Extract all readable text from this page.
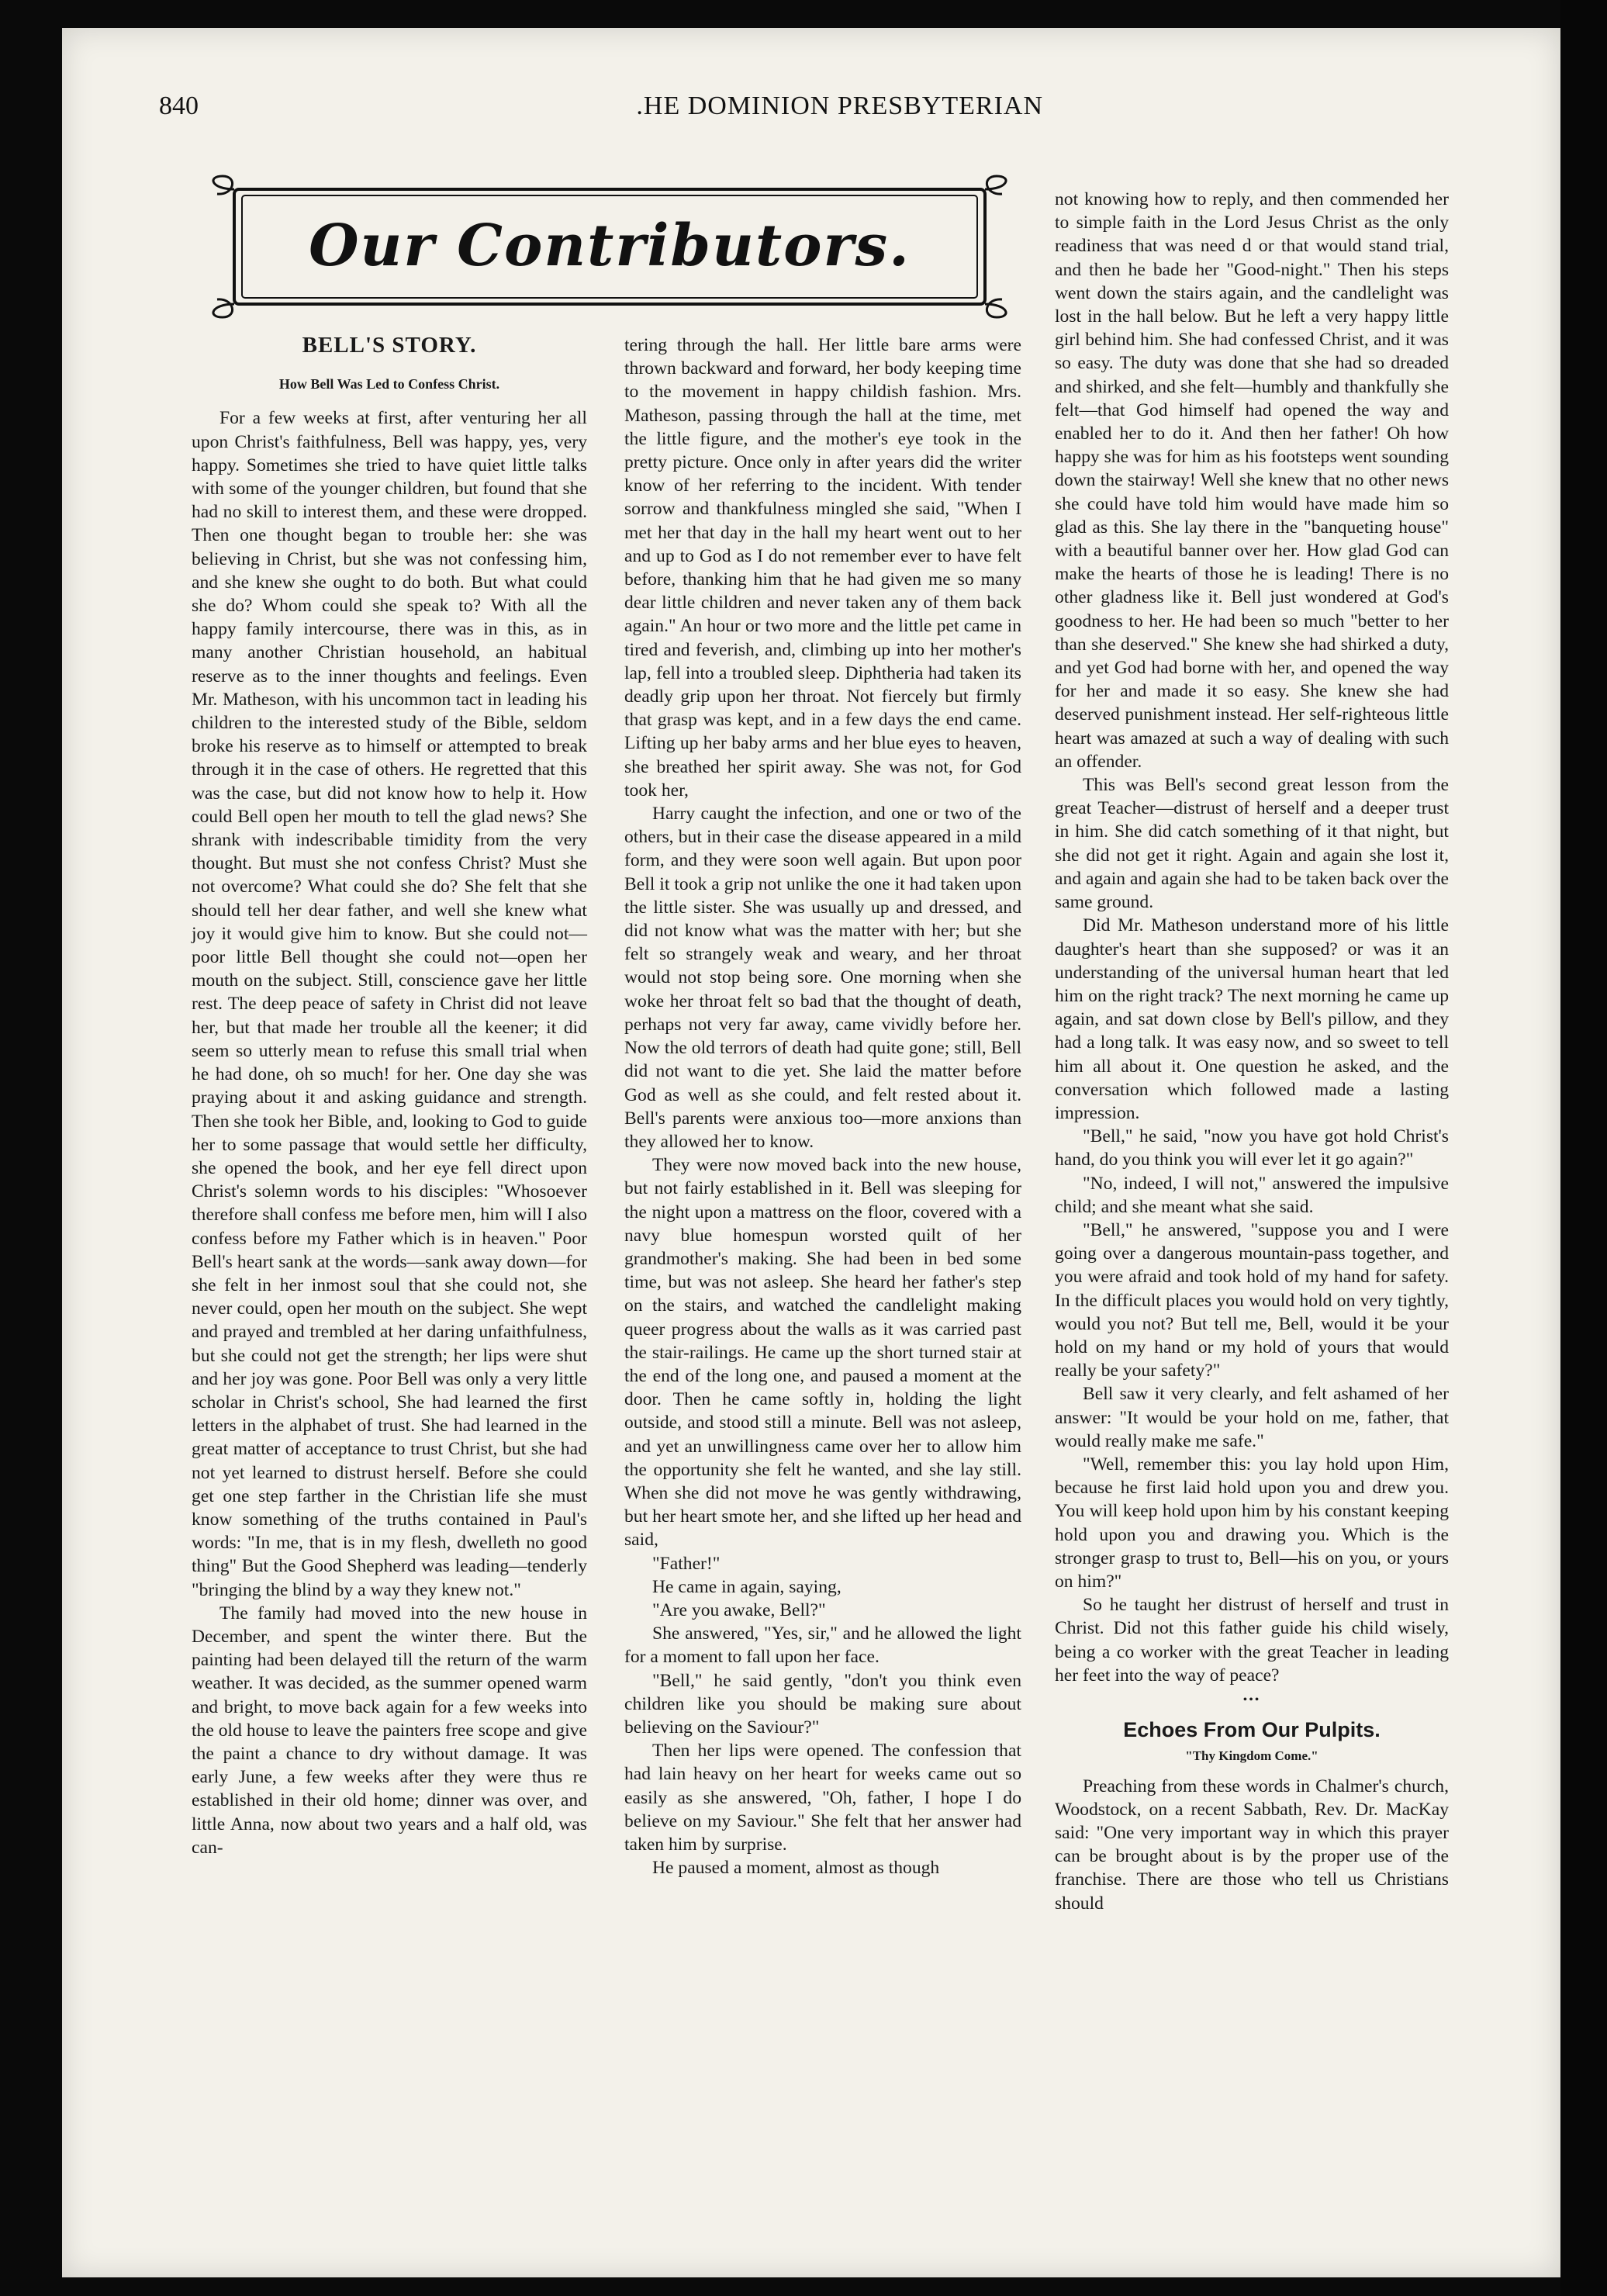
840	.HE DOMINION PRESBYTERIAN
Our Contributors.
BELL'S STORY.
How Bell Was Led to Confess Christ.

For a few weeks at first, after venturing her all upon Christ's faithfulness, Bell was happy, yes, very happy. Sometimes she tried to have quiet little talks with some of the younger children, but found that she had no skill to interest them, and these were dropped. Then one thought began to trouble her: she was believing in Christ, but she was not confessing him, and she knew she ought to do both. But what could she do? Whom could she speak to? With all the happy family intercourse, there was in this, as in many another Christian household, an habitual reserve as to the inner thoughts and feelings. Even Mr. Matheson, with his uncommon tact in leading his children to the interested study of the Bible, seldom broke his reserve as to himself or attempted to break through it in the case of others. He regretted that this was the case, but did not know how to help it. How could Bell open her mouth to tell the glad news? She shrank with indescribable timidity from the very thought. But must she not confess Christ? Must she not overcome? What could she do? She felt that she should tell her dear father, and well she knew what joy it would give him to know. But she could not—poor little Bell thought she could not—open her mouth on the subject. Still, conscience gave her little rest. The deep peace of safety in Christ did not leave her, but that made her trouble all the keener; it did seem so utterly mean to refuse this small trial when he had done, oh so much! for her. One day she was praying about it and asking guidance and strength. Then she took her Bible, and, looking to God to guide her to some passage that would settle her difficulty, she opened the book, and her eye fell direct upon Christ's solemn words to his disciples: "Whosoever therefore shall confess me before men, him will I also confess before my Father which is in heaven." Poor Bell's heart sank at the words—sank away down—for she felt in her inmost soul that she could not, she never could, open her mouth on the subject. She wept and prayed and trembled at her daring unfaithfulness, but she could not get the strength; her lips were shut and her joy was gone. Poor Bell was only a very little scholar in Christ's school, She had learned the first letters in the alphabet of trust. She had learned in the great matter of acceptance to trust Christ, but she had not yet learned to distrust herself. Before she could get one step farther in the Christian life she must know something of the truths contained in Paul's words: "In me, that is in my flesh, dwelleth no good thing" But the Good Shepherd was leading—tenderly "bringing the blind by a way they knew not."

The family had moved into the new house in December, and spent the winter there. But the painting had been delayed till the return of the warm weather. It was decided, as the summer opened warm and bright, to move back again for a few weeks into the old house to leave the painters free scope and give the paint a chance to dry without damage. It was early June, a few weeks after they were thus re established in their old home; dinner was over, and little Anna, now about two years and a half old, was can-

tering through the hall. Her little bare arms were thrown backward and forward, her body keeping time to the movement in happy childish fashion. Mrs. Matheson, passing through the hall at the time, met the little figure, and the mother's eye took in the pretty picture. Once only in after years did the writer know of her referring to the incident. With tender sorrow and thankfulness mingled she said, "When I met her that day in the hall my heart went out to her and up to God as I do not remember ever to have felt before, thanking him that he had given me so many dear little children and never taken any of them back again." An hour or two more and the little pet came in tired and feverish, and, climbing up into her mother's lap, fell into a troubled sleep. Diphtheria had taken its deadly grip upon her throat. Not fiercely but firmly that grasp was kept, and in a few days the end came. Lifting up her baby arms and her blue eyes to heaven, she breathed her spirit away. She was not, for God took her,

Harry caught the infection, and one or two of the others, but in their case the disease appeared in a mild form, and they were soon well again. But upon poor Bell it took a grip not unlike the one it had taken upon the little sister. She was usually up and dressed, and did not know what was the matter with her; but she felt so strangely weak and weary, and her throat would not stop being sore. One morning when she woke her throat felt so bad that the thought of death, perhaps not very far away, came vividly before her. Now the old terrors of death had quite gone; still, Bell did not want to die yet. She laid the matter before God as well as she could, and felt rested about it. Bell's parents were anxious too—more anxions than they allowed her to know.

They were now moved back into the new house, but not fairly established in it. Bell was sleeping for the night upon a mattress on the floor, covered with a navy blue homespun worsted quilt of her grandmother's making. She had been in bed some time, but was not asleep. She heard her father's step on the stairs, and watched the candlelight making queer progress about the walls as it was carried past the stair-railings. He came up the short turned stair at the end of the long one, and paused a moment at the door. Then he came softly in, holding the light outside, and stood still a minute. Bell was not asleep, and yet an unwillingness came over her to allow him the opportunity she felt he wanted, and she lay still. When she did not move he was gently withdrawing, but her heart smote her, and she lifted up her head and said,

"Father!"

He came in again, saying,

"Are you awake, Bell?"

She answered, "Yes, sir," and he allowed the light for a moment to fall upon her face.

"Bell," he said gently, "don't you think even children like you should be making sure about believing on the Saviour?"

Then her lips were opened. The confession that had lain heavy on her heart for weeks came out so easily as she answered, "Oh, father, I hope I do believe on my Saviour." She felt that her answer had taken him by surprise.

He paused a moment, almost as though

not knowing how to reply, and then commended her to simple faith in the Lord Jesus Christ as the only readiness that was need d or that would stand trial, and then he bade her "Good-night." Then his steps went down the stairs again, and the candlelight was lost in the hall below. But he left a very happy little girl behind him. She had confessed Christ, and it was so easy. The duty was done that she had so dreaded and shirked, and she felt—humbly and thankfully she felt—that God himself had opened the way and enabled her to do it. And then her father! Oh how happy she was for him as his footsteps went sounding down the stairway! Well she knew that no other news she could have told him would have made him so glad as this. She lay there in the "banqueting house" with a beautiful banner over her. How glad God can make the hearts of those he is leading! There is no other gladness like it. Bell just wondered at God's goodness to her. He had been so much "better to her than she deserved." She knew she had shirked a duty, and yet God had borne with her, and opened the way for her and made it so easy. She knew she had deserved punishment instead. Her self-righteous little heart was amazed at such a way of dealing with such an offender.

This was Bell's second great lesson from the great Teacher—distrust of herself and a deeper trust in him. She did catch something of it that night, but she did not get it right. Again and again she lost it, and again and again she had to be taken back over the same ground.

Did Mr. Matheson understand more of his little daughter's heart than she supposed? or was it an understanding of the universal human heart that led him on the right track? The next morning he came up again, and sat down close by Bell's pillow, and they had a long talk. It was easy now, and so sweet to tell him all about it. One question he asked, and the conversation which followed made a lasting impression.

"Bell," he said, "now you have got hold Christ's hand, do you think you will ever let it go again?"

"No, indeed, I will not," answered the impulsive child; and she meant what she said.

"Bell," he answered, "suppose you and I were going over a dangerous mountain-pass together, and you were afraid and took hold of my hand for safety. In the difficult places you would hold on very tightly, would you not? But tell me, Bell, would it be your hold on my hand or my hold of yours that would really be your safety?"

Bell saw it very clearly, and felt ashamed of her answer: "It would be your hold on me, father, that would really make me safe."

"Well, remember this: you lay hold upon Him, because he first laid hold upon you and drew you. You will keep hold upon him by his constant keeping hold upon you and drawing you. Which is the stronger grasp to trust to, Bell—his on you, or yours on him?"

So he taught her distrust of herself and trust in Christ. Did not this father guide his child wisely, being a co worker with the great Teacher in leading her feet into the way of peace?

•••
Echoes From Our Pulpits.
"Thy Kingdom Come."

Preaching from these words in Chalmer's church, Woodstock, on a recent Sabbath, Rev. Dr. MacKay said: "One very important way in which this prayer can be brought about is by the proper use of the franchise. There are those who tell us Christians should
